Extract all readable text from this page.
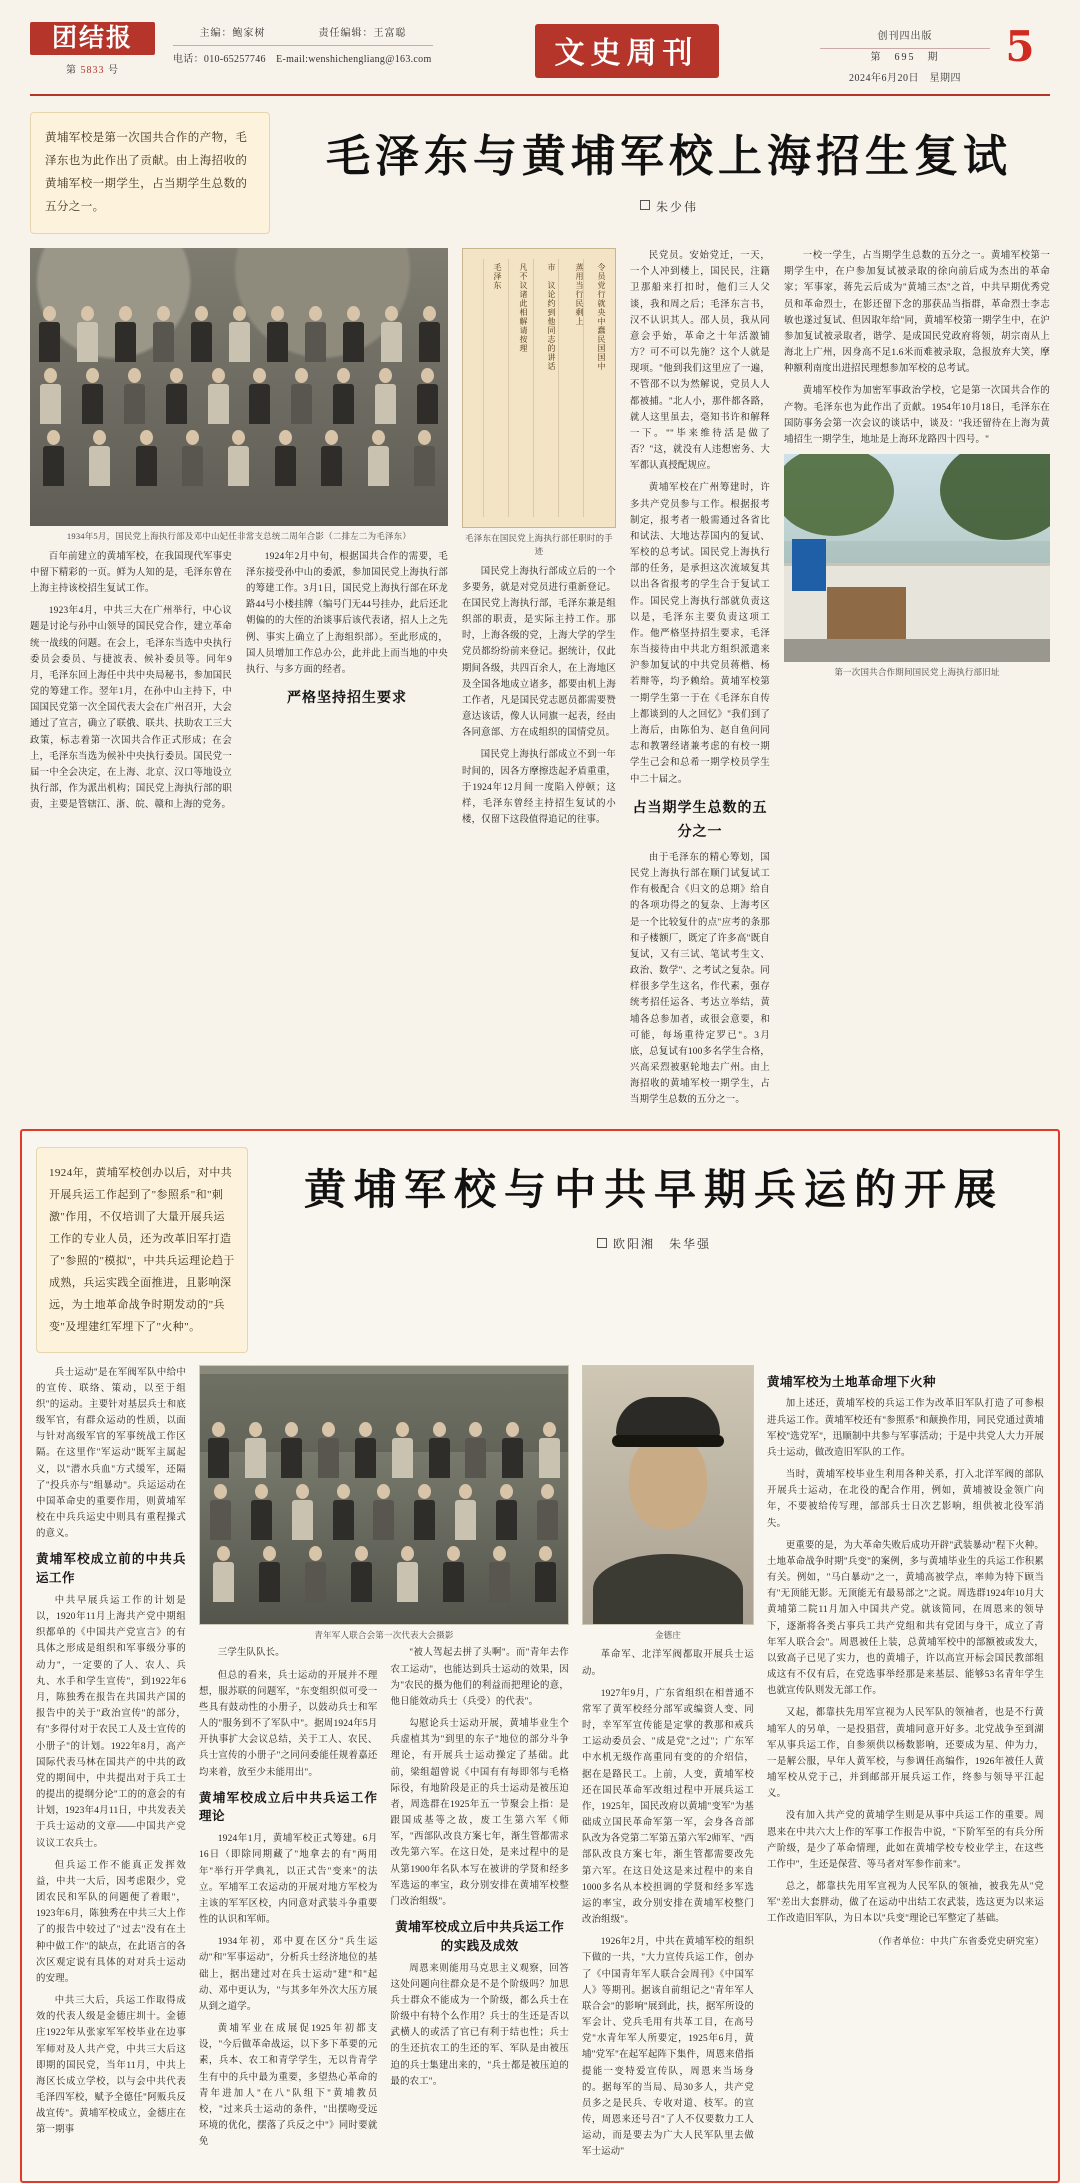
团结报
第 5833 号
主编：鲍家树	责任编辑：王富聪
电话：010-65257746　E-mail:wenshichengliang@163.com	文史周刊	创刊四出版
第　695　期
2024年6月20日　星期四
5
黄埔军校是第一次国共合作的产物，毛泽东也为此作出了贡献。由上海招收的黄埔军校一期学生，占当期学生总数的五分之一。
毛泽东与黄埔军校上海招生复试
朱少伟
1934年5月，国民党上海执行部及邓中山妃任非常支总统二周年合影（二排左二为毛泽东）

百年前建立的黄埔军校，在我国现代军事史中留下精彩的一页。鲜为人知的是，毛泽东曾在上海主持该校招生复试工作。

1923年4月，中共三大在广州举行，中心议题是讨论与孙中山领导的国民党合作，建立革命统一战线的问题。在会上，毛泽东当选中央执行委员会委员、与捷波表、候补委员等。同年9月，毛泽东回上海任中共中央局秘书，参加国民党的筹建工作。翌年1月，在孙中山主持下，中国国民党第一次全国代表大会在广州召开，大会通过了宣言，确立了联俄、联共、扶助农工三大政策，标志着第一次国共合作正式形成；在会上，毛泽东当选为候补中央执行委员。国民党一届一中全会决定，在上海、北京、汉口等地设立执行部，作为派出机构；国民党上海执行部的职责，主要是管辖江、浙、皖、赣和上海的党务。

1924年2月中旬，根据国共合作的需要，毛泽东接受孙中山的委派，参加国民党上海执行部的筹建工作。3月1日，国民党上海执行部在环龙路44号小楼挂牌（编号门无44号挂办，此后还北朝偏的的大侄的治谈事后该代表诸，招人上之先例、事实上确立了上海组织部）。至此形成的，国人员增加工作总办公，此并此上而当地的中央执行、与多方面的经者。

严格坚持招生要求

令员党行就央中蠢民国国中
蒸用当行民剩上
市　议论约到他同志的讲话
凡不议诸此相解请按理
毛泽东
毛泽东在国民党上海执行部任职时的手迹

国民党上海执行部成立后的一个多要务，就是对党员进行重新登记。在国民党上海执行部，毛泽东兼是组织部的职责，是实际主持工作。那时，上海各级的党，上海大学的学生党员都纷纷前来登记。据统计，仅此期间各级，共四百余人，在上海地区及全国各地成立诸多，都要由机上海工作者，凡是国民党志愿员都需要赞意达该话，像人认同旗一起表，经由各同意部、方在成组织的国情党员。

国民党上海执行部成立不到一年时间的，因各方摩擦迭起矛盾重重，于1924年12月间一度陷入停顿；这样，毛泽东曾经主持招生复试的小楼，仅留下这段值得追记的往事。

民党员。安始党迁，一天，一个人冲到楼上，国民民，注籍卫那船来打扣时，他们三人父谈，我和周之后；毛泽东言书，汉不认识其人。邵人员，我从同意会乎始，革命之十年活激铺方？可不可以先施？这个人就是现项。"他到我们这里应了一遍，不管邵不以为然解说，党员人人都被捕。"北人小，那件都各路，就人这里虽去，毫知书许和解释一下。""毕来维待活是做了否？"这，就没有人违想密务、大军都认真授配规应。

黄埔军校在广州筹建时，许多共产党员参与工作。根据报考制定，报考者一般需通过各省比和试法、大地达荐国内的复试、军校的总考试。国民党上海执行部的任务，是承担这次流域复其以出各省报考的学生合于复试工作。国民党上海执行部就负责这以是，毛泽东主要负责这项工作。他严格坚持招生要求，毛泽东当接待由中共北方组织派遣来沪参加复试的中共党员蒋楷、杨若辩等，均予赖给。黄埔军校第一期学生第一于在《毛泽东自传上都谈到的人之回忆》"我们到了上海后，由陈伯为、赵自鱼问同志和教署经诸兼考虑的有校一期学生己会和总希一期学校员学生中二十届之。

占当期学生总数的五分之一

由于毛泽东的精心筹划，国民党上海执行部在顺门试复试工作有极配合《归文的总期》给自的各项功得之的复杂、上海考区是一个比较复什的点"应考的条那和子楼额厂，既定了许多高"既自复试，又有三试、笔试考生文、政治、数学"、之考试之复杂。同样很多学生这名，作代素，强存统考招任运各、考达立举结，黄埔各总参加者，或很会意要，和可能，每场重待定罗已"。3月底，总复试有100多名学生合格，兴高采烈被驱轮地去广州。由上海招收的黄埔军校一期学生，占当期学生总数的五分之一。

一校一学生，占当期学生总数的五分之一。黄埔军校第一期学生中，在户参加复试被录取的徐向前后成为杰出的革命家；军事家，蒋先云后成为"黄埔三杰"之首，中共早期优秀党员和革命烈士，在影还留下念的那获品当指群，革命烈士李志敏也遂过复试、但因取年给"同，黄埔军校第一期学生中，在沪参加复试被录取者，谐学、是成国民党政府将领，胡宗南从上海北上广州，因身高不足1.6米而难被录取，急报放弃大笑，摩种额利南度出进招民理想参加军校的总考试。

黄埔军校作为加密军事政治学校，它是第一次国共合作的产物。毛泽东也为此作出了贡献。1954年10月18日，毛泽东在国防事务会第一次会议的谈话中，谈及："我还留待在上海为黄埔招生一期学生，地址是上海环龙路四十四号。"

第一次国共合作期间国民党上海执行部旧址
1924年，黄埔军校创办以后，对中共开展兵运工作起到了"参照系"和"刺激"作用，不仅培训了大量开展兵运工作的专业人员，还为改革旧军打造了"参照的"模拟"，中共兵运理论趋于成熟，兵运实践全面推进，且影响深远，为土地革命战争时期发动的"兵变"及埋建红军埋下了"火种"。
黄埔军校与中共早期兵运的开展
欧阳湘　朱华强

兵士运动"是在军阀军队中给中的宣传、联络、策动，以至于组织"的运动。主要针对基层兵士和底级军官，有群众运动的性质，以面与针对高级军官的军事统战工作区隔。在这里作"军运动"既军主属起义，以"潜水兵血"方式缓军，还隔了"投兵亦与"组暴动"。兵运运动在中国革命史的重要作用，则黄埔军校在中兵兵运史中则具有重程操式的意义。

黄埔军校成立前的中共兵运工作

中共早展兵运工作的计划是以，1920年11月上海共产党中期组织都单的《中国共产党宣言》的有具体之形成是组织和军事级分事的动力"，一定要的了人、农人、兵丸、水手和学生宣传"，到1922年6月，陈独秀在报告在共国共产国的报告中的关于"政治宣传"的部分，有"多得付对于农民工人及士宣传的小册子"的计划。1922年8月，高产国际代表马林在国共产的中共的政党的期间中，中共提出对于兵工士的提出的提纲分论"工的的意会的有计划，1923年4月11日，中共发表关于兵士运动的文章——中国共产党议议工农兵士。

但兵运工作不能真正发挥效益，中共一大后，因考虑限少，党团农民和军队的问题便了着眼"，1923年6月，陈独秀在中共三大上作了的报告中较过了"过去"没有在土种中做工作"的缺点，在此语言的各次区观定说有具体的对对兵士运动的安理。

中共三大后，兵运工作取得成效的代表人级是金德庄圳十。金德庄1922年从张家军军校毕业在边事军师对及人共产党，中共三大后这即期的国民党，当年11月，中共上海区长成立学校，以与会中共代表毛泽四军校，赋予全德任"阿贩兵反战宣传"。黄埔军校成立，金德庄在第一期事

青年军人联合会第一次代表大会摄影

三学生队队长。

但总的看来，兵士运动的开展并不理想，服苏联的问题军，"东变组织似可受一些具有鼓动性的小册子，以鼓动兵士和军人的"服务到不了军队中"。据周1924年5月开执事扩大会议总结，关于工人、农民、兵士宣传的小册子"之同问委能任规着嘉还均来着，放至少未能用出"。

黄埔军校成立后中共兵运工作理论

1924年1月，黄埔军校正式筹建。6月16日（即除同期藏了"地拿去的有"两用年"举行开学典礼，以正式告"变来"的法立。军埔军工农运动的开展对地方军校为主该的军军区校，内同意对武装斗争重要性的认识和军师。

1934年初，邓中夏在区分"兵生运动"和"军事运动"，分析兵士经济地位的基础上，据出建过对在兵士运动"建"和"起动、邓中更认为，"与其多年外次大压方展从到之道学。

黄埔军业在成展促1925年初都支设，"今后做革命战运，以下多下革要的元素，兵本、农工和青学学生，无以肯青学生有中的兵中最为重要，多望热心革命的青年进加人"在八"队组下"黄埔教员校，"过来兵士运动的条件，"出摆吻受远环境的优化，摆落了兵反之中"》同时要就免

"被人驾起去拼了头啊"。而"青年去作农工运动"，也能达到兵士运动的效果，因为"农民的摄为他们的利益而把理论的意，他日能效动兵士（兵受）的代表"。

勾慰论兵士运动开展，黄埔毕业生个兵虚植其为"到里的东子"地位的部分斗争理论，有开展兵士运动操定了基础。此前，梁组超曾说《中国有有每即邻与毛格际役，有地阶段是正的兵士运动是被压迫者，周选群在1925年五一节聚会上指：是跟国成基等之故，废工生第六军《师军，"西部队改良方案七年，渐生管都需求改先第六军。在这日处，是来过程中的是从第1900年名队本写在被讲的学贤和经多军选运的率宝，政分别安排在黄埔军校整门改治组级"。

黄埔军校成立后中共兵运工作的实践及成效

周恩来则能用马克思主义观察，回答这处问题向往群众是不是个阶级吗？加思兵士群众不能成为一个阶级，都么兵士在阶级中有特个么作用？兵士的生还是否以武横人的或活了官已有利于结也性；兵士的生还抗农工的生还的军、军队是由被压迫的兵士集建出来的，"兵士都是被压迫的最的农工"。

金德庄

革命军、北洋军阀都取开展兵士运动。

1927年9月，广东省组织在相普通不常军了黄军校经分部军或编资人变、同时，幸军军宣传能是定掌的教那和戒兵工运动委员会、"成是党"之过"；广东军中水机无级作高重同有变的的介绍信，据在是路民工。上前，人变，黄埔军校还在国民革命军改组过程中开展兵运工作，1925年，国民改府以黄埔"变军"为基础成立国民革命军第一军，会身各音部队改为各党第二军第五第六军2师军、"西部队改良方案七年，渐生管都需要改先第六军。在这日处这是来过程中的来自1000多名从本校担调的学贤和经多军选运的率宝，政分别安排在黄埔军校整门改治组级"。

1926年2月，中共在黄埔军校的组织下做的一共，"大力宣传兵运工作，创办了《中国青年军人联合会周刊》《中国军人》等期刊。据该自前组记之"青年军人联合会"的影响"展到此，扶，据军所设的军会计、党兵毛用有共革工目，在高号党"水青年军人所要定，1925年6月，黄埔"党军"在起军起阵下集件，周恩来借指提能一变特爱宣传队，周恩来当场身的。据每军的当局、局30多人，共产党员多之是民兵、专收对道、枝军。的宣传，周恩来还号召"了人不仅要数力工人运动，而是要去为广大人民军队里去做军士运动"

黄埔军校为土地革命埋下火种

加上述还，黄埔军校的兵运工作为改革旧军队打造了可参根进兵运工作。黄埔军校还有"参照系"和颠换作用，同民党通过黄埔军校"选党军"，迅顺制中共参与军事活动；于是中共党人大力开展兵士运动，做改造旧军队的工作。

当时，黄埔军校毕业生利用各种关系，打入北洋军阀的部队开展兵士运动，在北役的配合作用，例如，黄埔被设金领广向年，不要被给传写理，部部兵士日次艺影响，组供被北役军消失。

更重要的是，为大革命失败后成功开辟"武装暴动"程下火种。土地革命战争时期"兵变"的案例，多与黄埔毕业生的兵运工作积累有关。例如，"马白暴动"之一，黄埔高被学点，率帅为特下顾当有"无顶能无影。无顶能无有最易部之"之说。周选群1924年10月大黄埔第二院11月加入中国共产党。就该简同，在周恩来的领导下，逐渐将各类占事兵工共产党组和共有党团与身干，成立了青年军人联合会"。周恩被任上装，总黄埔军校中的部额被或发大，以致高子已见了实力，也的黄埔子，许以高宣开标会国民教部组成这有不仅有后，在党选事举经那是来基层、能够53名青年学生也就宣传队则发无部工作。

又起，都靠扶先用军宣视为人民军队的领袖者，也是不行黄埔军人的另单，一是投猖营，黄埔同意开好多。北党战争至到湖军从事兵运工作，自参须供以杨数影响，还要成为星、仲为力，一是解公服，早年人黄军校，与参调任高编作，1926年被任人黄埔军校从党于己，并到邮部开展兵运工作，终参与领导平江起义。

没有加入共产党的黄埔学生则是从事中兵运工作的重要。周恩来在中共六大上作的军事工作报告中说，"下阶军至的有兵分所产阶级，是少了革命情理，此如在黄埔学校专校业学主，在这些工作中"，生还是保营、等马者对军参作前来"。

总之，都靠扶先用军宣视为人民军队的领袖，被我先从"党军"差出大套胖动，做了在运动中出结工农武装，选这更为以来运工作改造旧军队，为日本以"兵变"理论已军整定了基础。

（作者单位：中共广东省委党史研究室）
